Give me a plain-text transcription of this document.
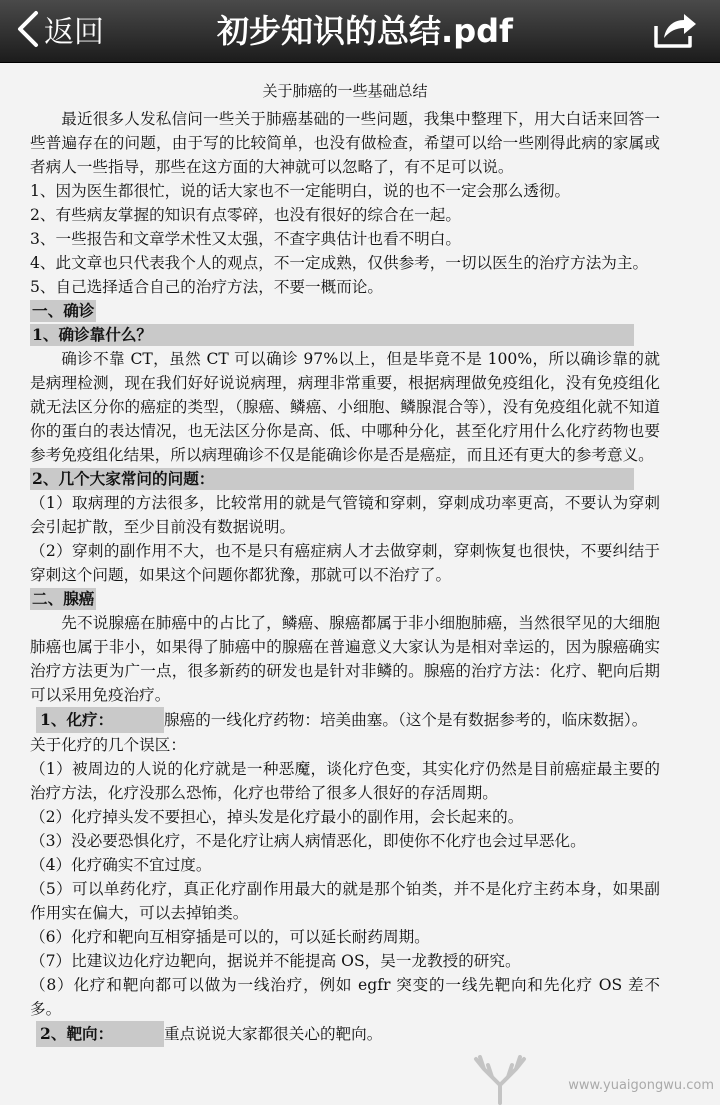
返回	初步知识的总结.pdf
关于肺癌的一些基础总结

最近很多人发私信问一些关于肺癌基础的一些问题，我集中整理下，用大白话来回答一些普遍存在的问题，由于写的比较简单，也没有做检查，希望可以给一些刚得此病的家属或者病人一些指导，那些在这方面的大神就可以忽略了，有不足可以说。

1、因为医生都很忙，说的话大家也不一定能明白，说的也不一定会那么透彻。

2、有些病友掌握的知识有点零碎，也没有很好的综合在一起。

3、一些报告和文章学术性又太强，不查字典估计也看不明白。

4、此文章也只代表我个人的观点，不一定成熟，仅供参考，一切以医生的治疗方法为主。

5、自己选择适合自己的治疗方法，不要一概而论。

一、确诊

1、确诊靠什么？

确诊不靠 CT，虽然 CT 可以确诊 97%以上，但是毕竟不是 100%，所以确诊靠的就是病理检测，现在我们好好说说病理，病理非常重要，根据病理做免疫组化，没有免疫组化就无法区分你的癌症的类型，（腺癌、鳞癌、小细胞、鳞腺混合等），没有免疫组化就不知道你的蛋白的表达情况，也无法区分你是高、低、中哪种分化，甚至化疗用什么化疗药物也要参考免疫组化结果，所以病理确诊不仅是能确诊你是否是癌症，而且还有更大的参考意义。

2、几个大家常问的问题：

（1）取病理的方法很多，比较常用的就是气管镜和穿刺，穿刺成功率更高，不要认为穿刺会引起扩散，至少目前没有数据说明。

（2）穿刺的副作用不大，也不是只有癌症病人才去做穿刺，穿刺恢复也很快，不要纠结于穿刺这个问题，如果这个问题你都犹豫，那就可以不治疗了。

二、腺癌

先不说腺癌在肺癌中的占比了，鳞癌、腺癌都属于非小细胞肺癌，当然很罕见的大细胞肺癌也属于非小，如果得了肺癌中的腺癌在普遍意义大家认为是相对幸运的，因为腺癌确实治疗方法更为广一点，很多新药的研发也是针对非鳞的。腺癌的治疗方法：化疗、靶向后期可以采用免疫治疗。

1、化疗：	腺癌的一线化疗药物：培美曲塞。（这个是有数据参考的，临床数据）。

关于化疗的几个误区：

（1）被周边的人说的化疗就是一种恶魔，谈化疗色变，其实化疗仍然是目前癌症最主要的治疗方法，化疗没那么恐怖，化疗也带给了很多人很好的存活周期。

（2）化疗掉头发不要担心，掉头发是化疗最小的副作用，会长起来的。

（3）没必要恐惧化疗，不是化疗让病人病情恶化，即使你不化疗也会过早恶化。

（4）化疗确实不宜过度。

（5）可以单药化疗，真正化疗副作用最大的就是那个铂类，并不是化疗主药本身，如果副作用实在偏大，可以去掉铂类。

（6）化疗和靶向互相穿插是可以的，可以延长耐药周期。

（7）比建议边化疗边靶向，据说并不能提高 OS，吴一龙教授的研究。

（8）化疗和靶向都可以做为一线治疗，例如 egfr 突变的一线先靶向和先化疗 OS 差不多。

2、靶向：	重点说说大家都很关心的靶向。

www.yuaigongwu.com
